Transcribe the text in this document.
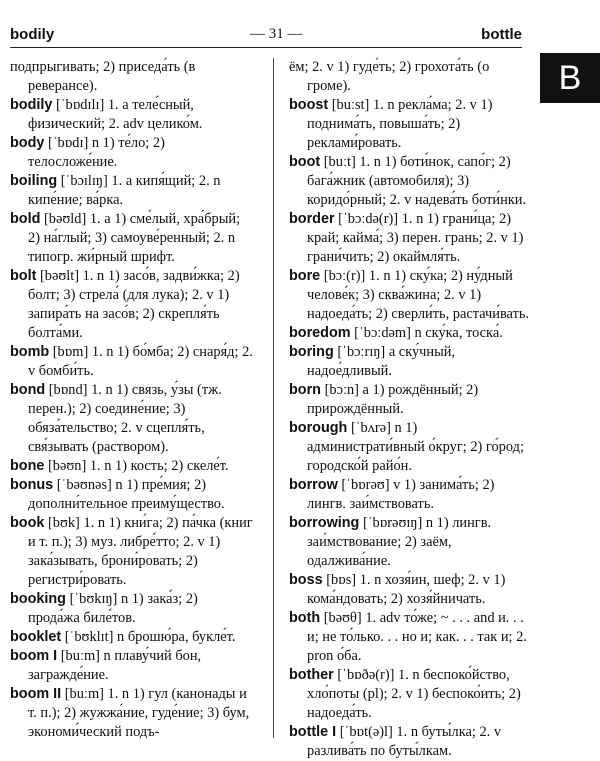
bodily	— 31 —	bottle
B

подпрыгивать; 2) приседа́ть (в реверансе).

bodily [ˈbɒdɪlɪ] 1. a теле́сный, физический; 2. adv целико́м.

body [ˈbɒdɪ] n 1) те́ло; 2) телосложе́ние.

boiling [ˈbɔɪlɪŋ] 1. a кипя́щий; 2. n кипе́ние; ва́рка.

bold [bəʊld] 1. a 1) сме́лый, хра́брый; 2) на́глый; 3) самоуве́ренный; 2. n типогр. жи́рный шрифт.

bolt [bəʊlt] 1. n 1) засо́в, задви́жка; 2) болт; 3) стрела́ (для лука); 2. v 1) запира́ть на засо́в; 2) скрепля́ть болта́ми.

bomb [bɒm] 1. n 1) бо́мба; 2) снаря́д; 2. v бомби́ть.

bond [bɒnd] 1. n 1) связь, у́зы (тж. перен.); 2) соедине́ние; 3) обяза́тельство; 2. v сцепля́ть, свя́зывать (раствором).

bone [bəʊn] 1. n 1) кость; 2) скеле́т.

bonus [ˈbəʊnəs] n 1) пре́мия; 2) дополни́тельное преиму́щество.

book [bʊk] 1. n 1) кни́га; 2) па́чка (книг и т. п.); 3) муз. либре́тто; 2. v 1) зака́зывать, брони́ровать; 2) регистри́ровать.

booking [ˈbʊkɪŋ] n 1) зака́з; 2) прода́жа биле́тов.

booklet [ˈbʊklɪt] n брошю́ра, букле́т.

boom I [buːm] n плаву́чий бон, загражде́ние.

boom II [buːm] 1. n 1) гул (канонады и т. п.); 2) жужжа́ние, гуде́ние; 3) бум, экономи́ческий подъ-

ём; 2. v 1) гуде́ть; 2) грохота́ть (о громе).

boost [buːst] 1. n рекла́ма; 2. v 1) поднима́ть, повыша́ть; 2) реклами́ровать.

boot [buːt] 1. n 1) боти́нок, сапо́г; 2) бага́жник (автомобиля); 3) коридо́рный; 2. v надева́ть боти́нки.

border [ˈbɔːdə(r)] 1. n 1) грани́ца; 2) край; кайма́; 3) перен. грань; 2. v 1) грани́чить; 2) окаймля́ть.

bore [bɔː(r)] 1. n 1) ску́ка; 2) ну́дный челове́к; 3) сква́жина; 2. v 1) надоеда́ть; 2) сверли́ть, растачи́вать.

boredom [ˈbɔːdəm] n ску́ка, тоска́.

boring [ˈbɔːrɪŋ] a ску́чный, надое́дливый.

born [bɔːn] a 1) рождённый; 2) прирождённый.

borough [ˈbʌrə] n 1) администрати́вный о́круг; 2) го́род; городско́й райо́н.

borrow [ˈbɒrəʊ] v 1) занима́ть; 2) лингв. заи́мствовать.

borrowing [ˈbɒrəʊɪŋ] n 1) лингв. заи́мствование; 2) заём, одалжива́ние.

boss [bɒs] 1. n хозя́ин, шеф; 2. v 1) кома́ндовать; 2) хозя́йничать.

both [bəʊθ] 1. adv то́же; ~ . . . and и. . . и; не то́лько. . . но и; как. . . так и; 2. pron о́ба.

bother [ˈbɒðə(r)] 1. n беспоко́йство, хло́поты (pl); 2. v 1) беспоко́ить; 2) надоеда́ть.

bottle I [ˈbɒt(ə)l] 1. n буты́лка; 2. v разлива́ть по буты́лкам.
